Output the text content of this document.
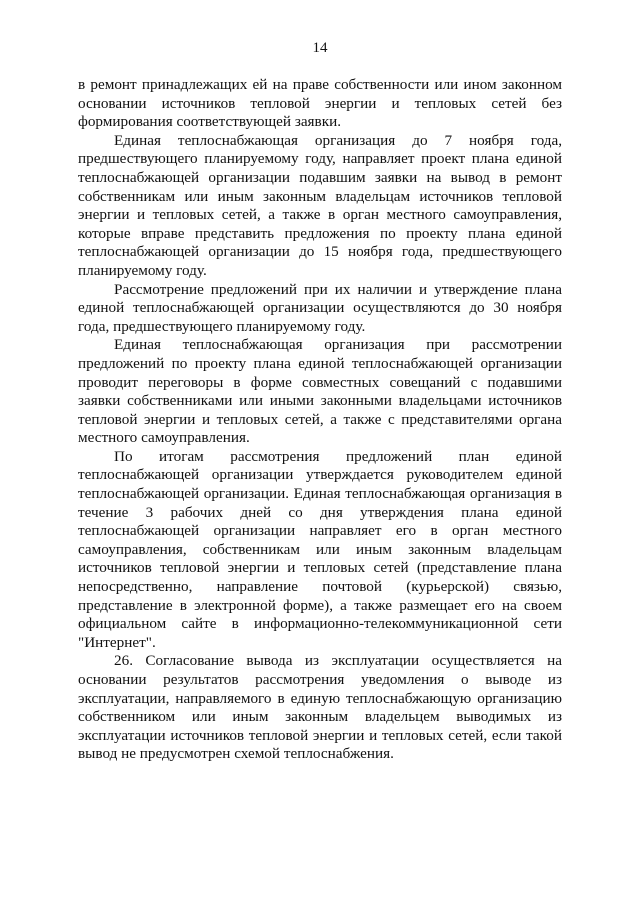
14

в ремонт принадлежащих ей на праве собственности или ином законном основании источников тепловой энергии и тепловых сетей без формирования соответствующей заявки.

Единая теплоснабжающая организация до 7 ноября года, предшествующего планируемому году, направляет проект плана единой теплоснабжающей организации подавшим заявки на вывод в ремонт собственникам или иным законным владельцам источников тепловой энергии и тепловых сетей, а также в орган местного самоуправления, которые вправе представить предложения по проекту плана единой теплоснабжающей организации до 15 ноября года, предшествующего планируемому году.

Рассмотрение предложений при их наличии и утверждение плана единой теплоснабжающей организации осуществляются до 30 ноября года, предшествующего планируемому году.

Единая теплоснабжающая организация при рассмотрении предложений по проекту плана единой теплоснабжающей организации проводит переговоры в форме совместных совещаний с подавшими заявки собственниками или иными законными владельцами источников тепловой энергии и тепловых сетей, а также с представителями органа местного самоуправления.

По итогам рассмотрения предложений план единой теплоснабжающей организации утверждается руководителем единой теплоснабжающей организации. Единая теплоснабжающая организация в течение 3 рабочих дней со дня утверждения плана единой теплоснабжающей организации направляет его в орган местного самоуправления, собственникам или иным законным владельцам источников тепловой энергии и тепловых сетей (представление плана непосредственно, направление почтовой (курьерской) связью, представление в электронной форме), а также размещает его на своем официальном сайте в информационно-телекоммуникационной сети "Интернет".

26. Согласование вывода из эксплуатации осуществляется на основании результатов рассмотрения уведомления о выводе из эксплуатации, направляемого в единую теплоснабжающую организацию собственником или иным законным владельцем выводимых из эксплуатации источников тепловой энергии и тепловых сетей, если такой вывод не предусмотрен схемой теплоснабжения.
